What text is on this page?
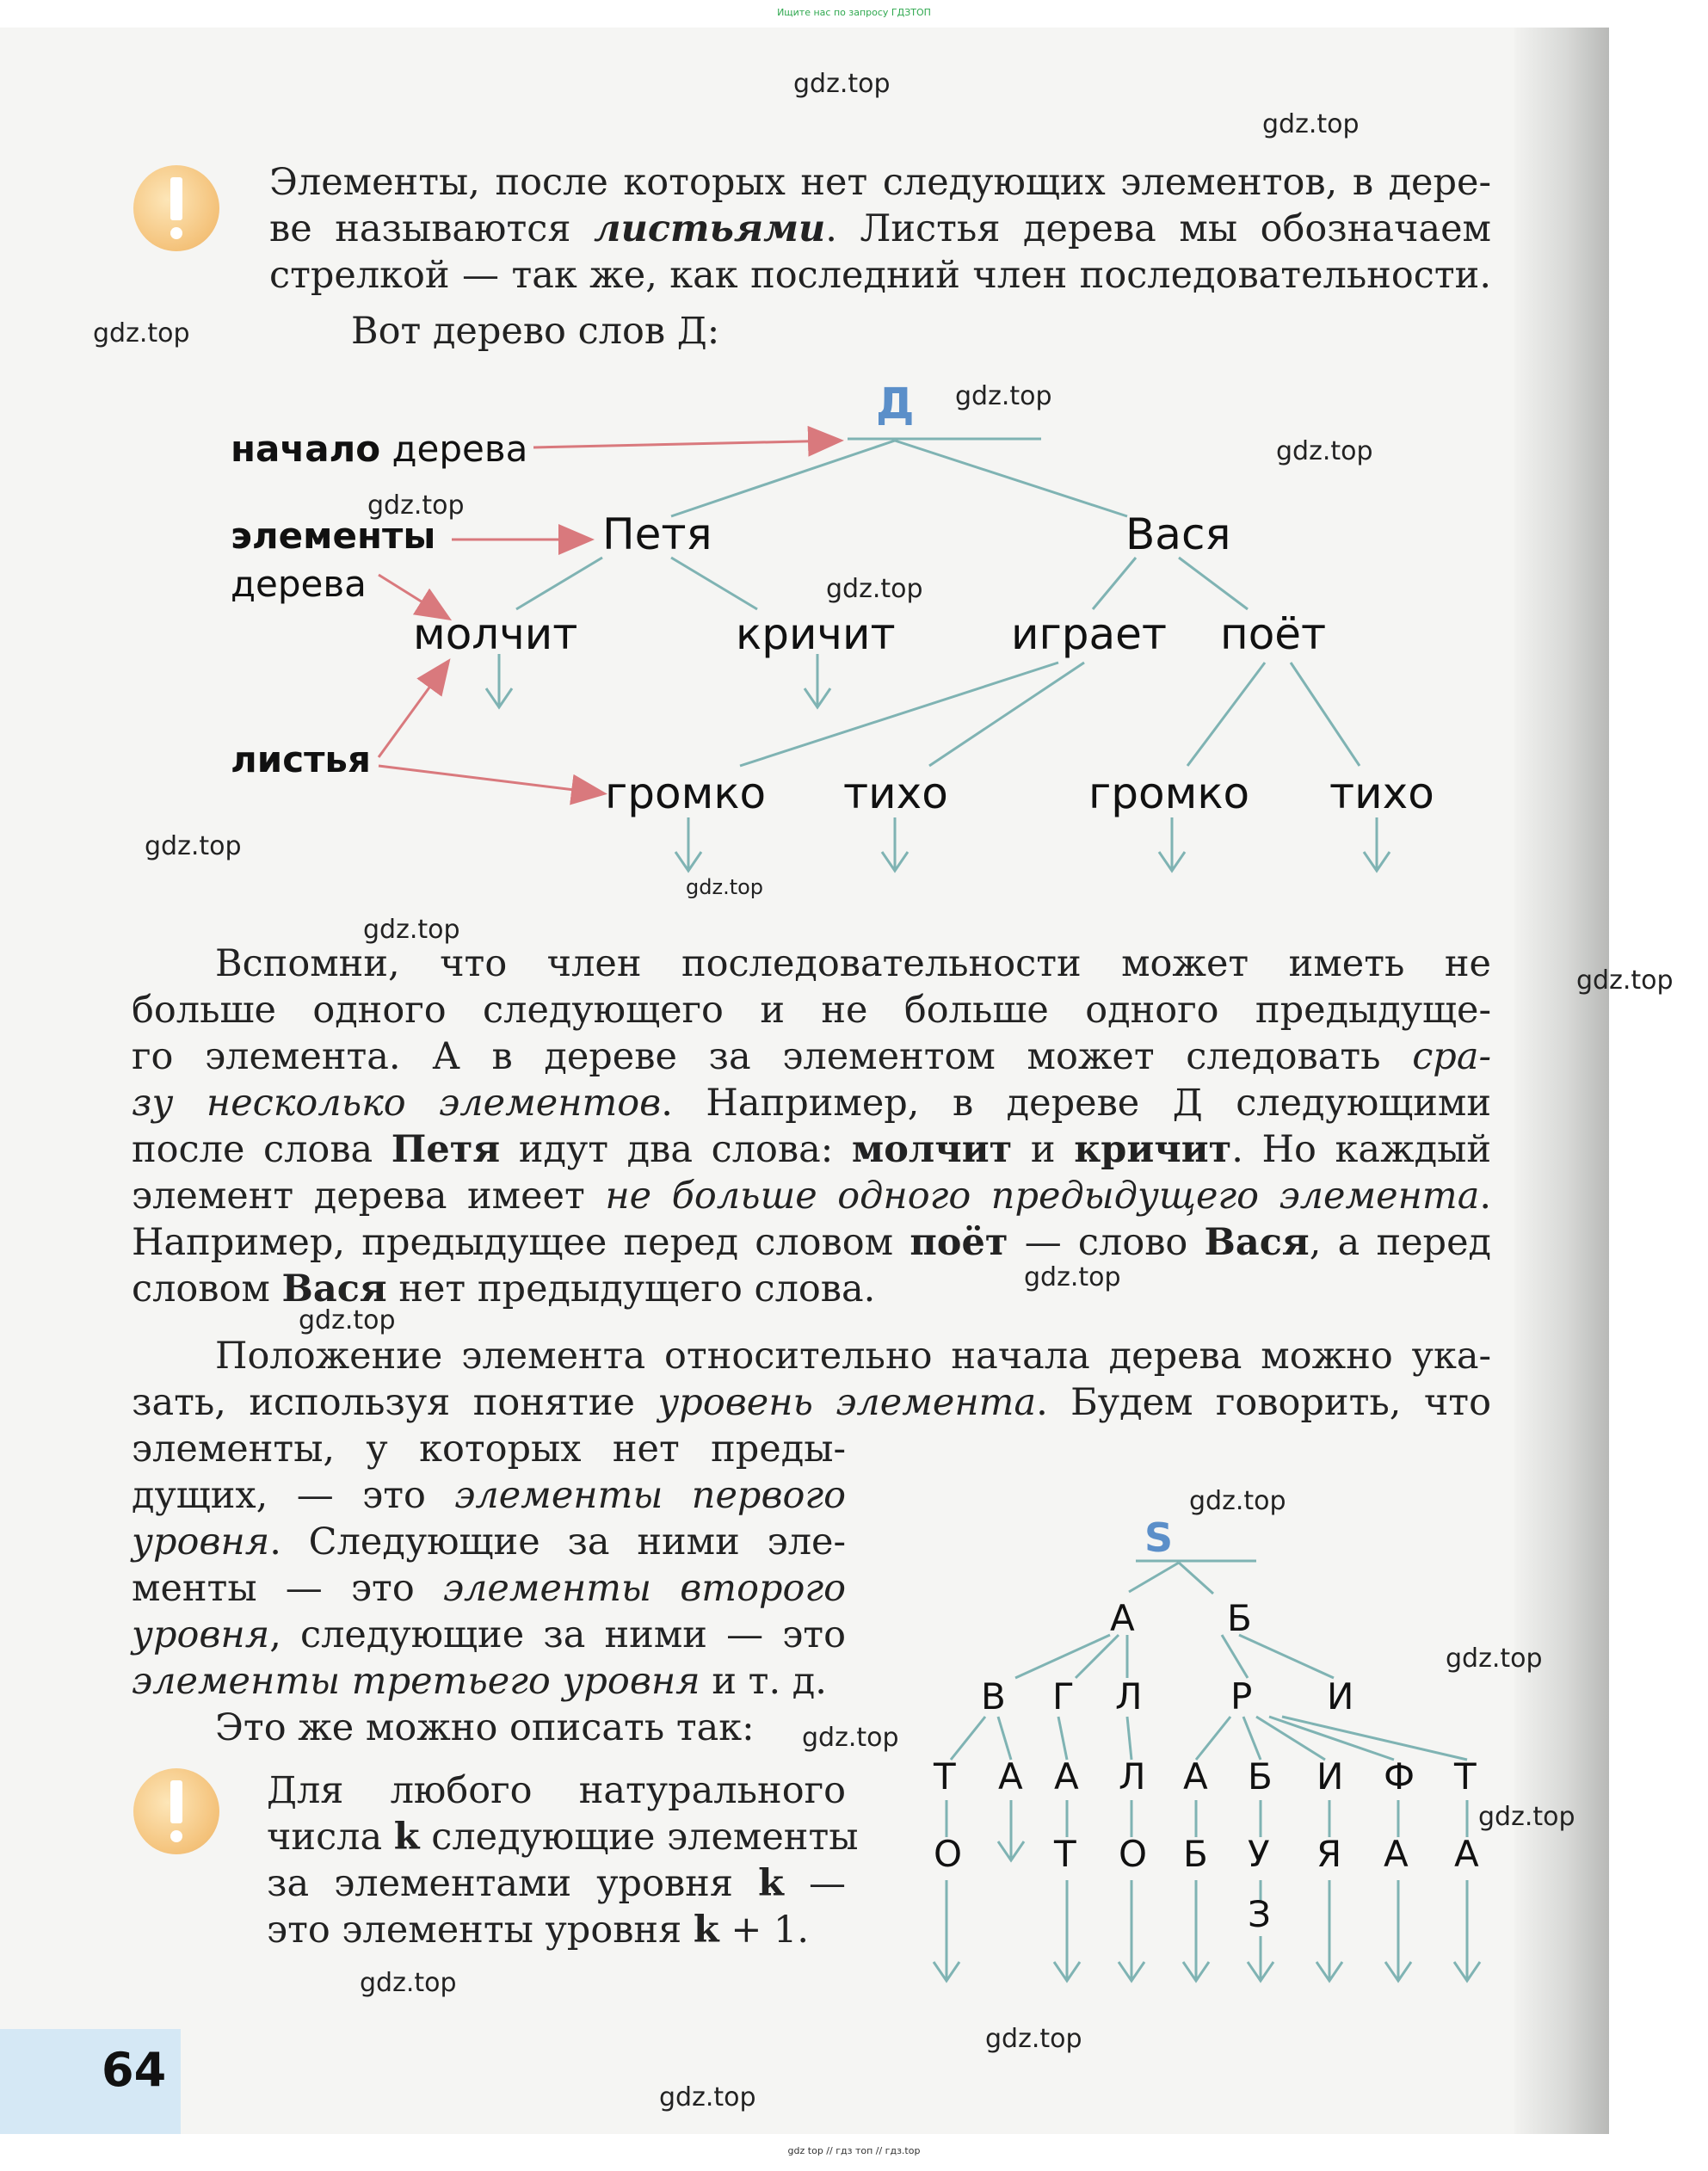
Ищите нас по запросу ГДЗТОП
gdz top // гдз топ // гдз.top
gdz.top
gdz.top
gdz.top
gdz.top
gdz.top
gdz.top
gdz.top
gdz.top
gdz.top
gdz.top
gdz.top
gdz.top
gdz.top
gdz.top
gdz.top
gdz.top
gdz.top
gdz.top
gdz.top
gdz.top
Элементы, после которых нет следующих элементов, в дере-
ве называются листьями. Листья дерева мы обозначаем
стрелкой — так же, как последний член последовательности.
Вот дерево слов Д:
Д
начало дерева
элементы
дерева
листья
Петя	Вася
молчит	кричит	играет поёт
громко тихо	громко тихо
Вспомни, что член последовательности может иметь не
больше одного следующего и не больше одного предыдуще-
го элемента. А в дереве за элементом может следовать сра-
зу несколько элементов. Например, в дереве Д следующими
после слова Петя идут два слова: молчит и кричит. Но каждый
элемент дерева имеет не больше одного предыдущего элемента.
Например, предыдущее перед словом поёт — слово Вася, а перед
словом Вася нет предыдущего слова.
Положение элемента относительно начала дерева можно ука-
зать, используя понятие уровень элемента. Будем говорить, что
элементы, у которых нет преды-
дущих, — это элементы первого
уровня. Следующие за ними эле-
менты — это элементы второго
уровня, следующие за ними — это
элементы третьего уровня и т. д.
Это же можно описать так:
Для любого натурального
числа k следующие элементы
за элементами уровня k —
это элементы уровня k + 1.
S
А	Б
В Г Л Р И
Т А А Л А Б И Ф Т
О	Т О Б У Я А А
З
64
